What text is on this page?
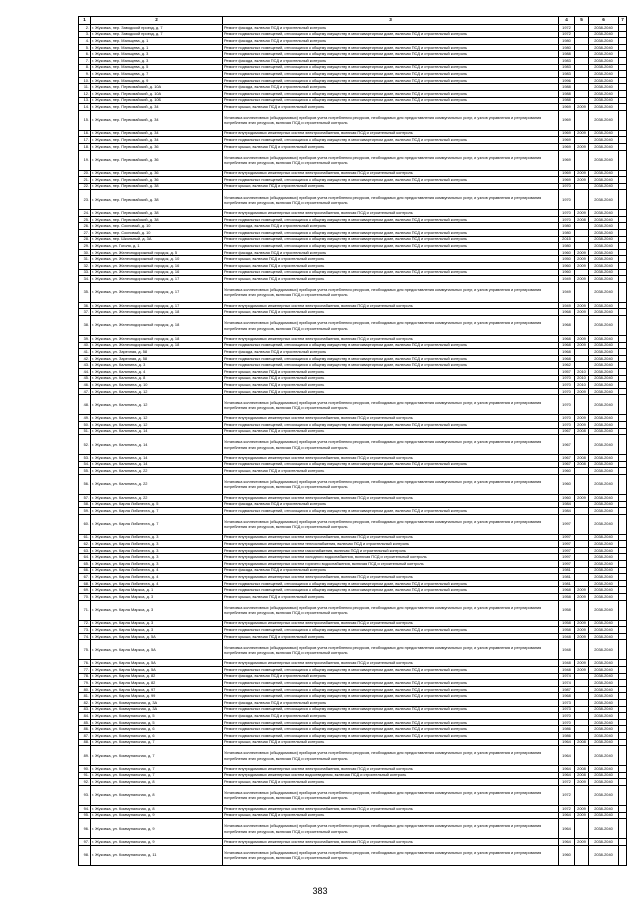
1	2	3	4	5	6	7
2.	г. Жуковка, пер. Заводской проезд, д. 7	Ремонт фасада, включая ПСД и строительный контроль	1972		2038-2040	
3.	г. Жуковка, пер. Заводской проезд, д. 7	Ремонт подвальных помещений, относящихся к общему имуществу в многоквартирном доме, включая ПСД и строительный контроль	1972		2038-2040	
4.	г. Жуковка, пер. Мальцева, д. 1	Ремонт фасада, включая ПСД и строительный контроль	1980		2038-2040	
5.	г. Жуковка, пер. Мальцева, д. 1	Ремонт подвальных помещений, относящихся к общему имуществу в многоквартирном доме, включая ПСД и строительный контроль	1980		2038-2040	
6.	г. Жуковка, пер. Мальцева, д. 3	Ремонт подвальных помещений, относящихся к общему имуществу в многоквартирном доме, включая ПСД и строительный контроль	1988		2038-2040	
7.	г. Жуковка, пер. Мальцева, д. 3	Ремонт фасада, включая ПСД и строительный контроль	1983		2038-2040	
8.	г. Жуковка, пер. Мальцева, д. 5	Ремонт подвальных помещений, относящихся к общему имуществу в многоквартирном доме, включая ПСД и строительный контроль	1983		2038-2040	
9.	г. Жуковка, пер. Мальцева, д. 7	Ремонт подвальных помещений, относящихся к общему имуществу в многоквартирном доме, включая ПСД и строительный контроль	1983		2038-2040	
10.	г. Жуковка, пер. Мальцева, д. 9	Ремонт подвальных помещений, относящихся к общему имуществу в многоквартирном доме, включая ПСД и строительный контроль	1996		2038-2040	
11.	г. Жуковка, пер. Первомайский, д. 10А	Ремонт фасада, включая ПСД и строительный контроль	1988		2038-2040	
12.	г. Жуковка, пер. Первомайский, д. 10А	Ремонт подвальных помещений, относящихся к общему имуществу в многоквартирном доме, включая ПСД и строительный контроль	1988		2038-2040	
13.	г. Жуковка, пер. Первомайский, д. 10Б	Ремонт подвальных помещений, относящихся к общему имуществу в многоквартирном доме, включая ПСД и строительный контроль	1988		2038-2040	
14.	г. Жуковка, пер. Первомайский, д. 34	Ремонт крыши, включая ПСД и строительный контроль	1969	2009	2038-2040	
15.	г. Жуковка, пер. Первомайский, д. 34	Установка коллективных (общедомовых) приборов учета потребления ресурсов, необходимых для предоставления коммунальных услуг, и узлов управления и регулирования потребления этих ресурсов, включая ПСД и строительный контроль	1969		2038-2040	
16.	г. Жуковка, пер. Первомайский, д. 34	Ремонт внутридомовых инженерных систем электроснабжения, включая ПСД и строительный контроль	1969	2009	2038-2040	
17.	г. Жуковка, пер. Первомайский, д. 34	Ремонт подвальных помещений, относящихся к общему имуществу в многоквартирном доме, включая ПСД и строительный контроль	1969		2038-2040	
18.	г. Жуковка, пер. Первомайский, д. 36	Ремонт крыши, включая ПСД и строительный контроль	1969	2009	2038-2040	
19.	г. Жуковка, пер. Первомайский, д. 36	Установка коллективных (общедомовых) приборов учета потребления ресурсов, необходимых для предоставления коммунальных услуг, и узлов управления и регулирования потребления этих ресурсов, включая ПСД и строительный контроль	1969		2038-2040	
20.	г. Жуковка, пер. Первомайский, д. 36	Ремонт внутридомовых инженерных систем электроснабжения, включая ПСД и строительный контроль	1969	2009	2038-2040	
21.	г. Жуковка, пер. Первомайский, д. 36	Ремонт подвальных помещений, относящихся к общему имуществу в многоквартирном доме, включая ПСД и строительный контроль	1969	2009	2038-2040	
22.	г. Жуковка, пер. Первомайский, д. 38	Ремонт крыши, включая ПСД и строительный контроль	1970		2038-2040	
23.	г. Жуковка, пер. Первомайский, д. 38	Установка коллективных (общедомовых) приборов учета потребления ресурсов, необходимых для предоставления коммунальных услуг, и узлов управления и регулирования потребления этих ресурсов, включая ПСД и строительный контроль	1970		2038-2040	
24.	г. Жуковка, пер. Первомайский, д. 38	Ремонт внутридомовых инженерных систем электроснабжения, включая ПСД и строительный контроль	1970	2009	2038-2040	
25.	г. Жуковка, пер. Первомайский, д. 38	Ремонт подвальных помещений, относящихся к общему имуществу в многоквартирном доме, включая ПСД и строительный контроль	1970	2008	2038-2040	
26.	г. Жуковка, пер. Сосновый, д. 10	Ремонт фасада, включая ПСД и строительный контроль	1980		2038-2040	
27.	г. Жуковка, пер. Сосновый, д. 10	Ремонт подвальных помещений, относящихся к общему имуществу в многоквартирном доме, включая ПСД и строительный контроль	1980		2038-2040	
28.	г. Жуковка, пер. Школьный, д. 3А	Ремонт подвальных помещений, относящихся к общему имуществу в многоквартирном доме, включая ПСД и строительный контроль	2015		2038-2040	
29.	г. Жуковка, ул. Гоголя, д. 1	Ремонт подвальных помещений, относящихся к общему имуществу в многоквартирном доме, включая ПСД и строительный контроль	1980		2038-2040	
30.	г. Жуковка, ул. Железнодорожный городок, д. 5	Ремонт фасада, включая ПСД и строительный контроль	1960	2009	2038-2040	
31.	г. Жуковка, ул. Железнодорожный городок, д. 10	Ремонт крыши, включая ПСД и строительный контроль	1950	2009	2038-2040	
32.	г. Жуковка, ул. Железнодорожный городок, д. 16	Ремонт крыши, включая ПСД и строительный контроль	1960	2009	2038-2040	
33.	г. Жуковка, ул. Железнодорожный городок, д. 16	Ремонт подвальных помещений, относящихся к общему имуществу в многоквартирном доме, включая ПСД и строительный контроль	1960		2038-2040	
34.	г. Жуковка, ул. Железнодорожный городок, д. 17	Ремонт крыши, включая ПСД и строительный контроль	1949	2009	2038-2040	
35.	г. Жуковка, ул. Железнодорожный городок, д. 17	Установка коллективных (общедомовых) приборов учета потребления ресурсов, необходимых для предоставления коммунальных услуг, и узлов управления и регулирования потребления этих ресурсов, включая ПСД и строительный контроль	1949		2038-2040	
36.	г. Жуковка, ул. Железнодорожный городок, д. 17	Ремонт внутридомовых инженерных систем электроснабжения, включая ПСД и строительный контроль	1949	2009	2038-2040	
37.	г. Жуковка, ул. Железнодорожный городок, д. 18	Ремонт крыши, включая ПСД и строительный контроль	1968	2009	2038-2040	
38.	г. Жуковка, ул. Железнодорожный городок, д. 18	Установка коллективных (общедомовых) приборов учета потребления ресурсов, необходимых для предоставления коммунальных услуг, и узлов управления и регулирования потребления этих ресурсов, включая ПСД и строительный контроль	1968		2038-2040	
39.	г. Жуковка, ул. Железнодорожный городок, д. 18	Ремонт внутридомовых инженерных систем электроснабжения, включая ПСД и строительный контроль	1968	2009	2038-2040	
40.	г. Жуковка, ул. Железнодорожный городок, д. 18	Ремонт подвальных помещений, относящихся к общему имуществу в многоквартирном доме, включая ПСД и строительный контроль	1968	2009	2038-2040	
41.	г. Жуковка, ул. Заречная, д. 58	Ремонт фасада, включая ПСД и строительный контроль	1968		2038-2040	
42.	г. Жуковка, ул. Заречная, д. 58	Ремонт подвальных помещений, относящихся к общему имуществу в многоквартирном доме, включая ПСД и строительный контроль	1968		2038-2040	
43.	г. Жуковка, ул. Калинина, д. 3	Ремонт подвальных помещений, относящихся к общему имуществу в многоквартирном доме, включая ПСД и строительный контроль	1962		2038-2040	
44.	г. Жуковка, ул. Калинина, д. 4	Ремонт крыши, включая ПСД и строительный контроль	1957	2010	2038-2040	
45.	г. Жуковка, ул. Калинина, д. 8	Ремонт крыши, включая ПСД и строительный контроль	1970	2010	2038-2040	
46.	г. Жуковка, ул. Калинина, д. 10	Ремонт крыши, включая ПСД и строительный контроль	1970	2010	2038-2040	
47.	г. Жуковка, ул. Калинина, д. 12	Ремонт крыши, включая ПСД и строительный контроль	1970	2009	2038-2040	
48.	г. Жуковка, ул. Калинина, д. 12	Установка коллективных (общедомовых) приборов учета потребления ресурсов, необходимых для предоставления коммунальных услуг, и узлов управления и регулирования потребления этих ресурсов, включая ПСД и строительный контроль	1970		2038-2040	
49.	г. Жуковка, ул. Калинина, д. 12	Ремонт внутридомовых инженерных систем электроснабжения, включая ПСД и строительный контроль	1970	2009	2038-2040	
50.	г. Жуковка, ул. Калинина, д. 12	Ремонт подвальных помещений, относящихся к общему имуществу в многоквартирном доме, включая ПСД и строительный контроль	1970	2009	2038-2040	
51.	г. Жуковка, ул. Калинина, д. 14	Ремонт крыши, включая ПСД и строительный контроль	1967	2008	2038-2040	
52.	г. Жуковка, ул. Калинина, д. 14	Установка коллективных (общедомовых) приборов учета потребления ресурсов, необходимых для предоставления коммунальных услуг, и узлов управления и регулирования потребления этих ресурсов, включая ПСД и строительный контроль	1967		2038-2040	
53.	г. Жуковка, ул. Калинина, д. 14	Ремонт внутридомовых инженерных систем электроснабжения, включая ПСД и строительный контроль	1967	2008	2038-2040	
54.	г. Жуковка, ул. Калинина, д. 14	Ремонт подвальных помещений, относящихся к общему имуществу в многоквартирном доме, включая ПСД и строительный контроль	1967	2008	2038-2040	
55.	г. Жуковка, ул. Калинина, д. 22	Ремонт крыши, включая ПСД и строительный контроль	1960		2038-2040	
56.	г. Жуковка, ул. Калинина, д. 22	Установка коллективных (общедомовых) приборов учета потребления ресурсов, необходимых для предоставления коммунальных услуг, и узлов управления и регулирования потребления этих ресурсов, включая ПСД и строительный контроль	1960		2038-2040	
57.	г. Жуковка, ул. Калинина, д. 22	Ремонт внутридомовых инженерных систем электроснабжения, включая ПСД и строительный контроль	1960	2009	2038-2040	
58.	г. Жуковка, ул. Карла Либкнехта, д. 5	Ремонт фасада, включая ПСД и строительный контроль	1984		2038-2040	
59.	г. Жуковка, ул. Карла Либкнехта, д. 7	Ремонт подвальных помещений, относящихся к общему имуществу в многоквартирном доме, включая ПСД и строительный контроль	1984		2038-2040	
60.	г. Жуковка, ул. Карла Либкнехта, д. 7	Установка коллективных (общедомовых) приборов учета потребления ресурсов, необходимых для предоставления коммунальных услуг, и узлов управления и регулирования потребления этих ресурсов, включая ПСД и строительный контроль	1997		2038-2040	
61.	г. Жуковка, ул. Карла Либкнехта, д. 3	Ремонт внутридомовых инженерных систем электроснабжения, включая ПСД и строительный контроль	1997		2038-2040	
62.	г. Жуковка, ул. Карла Либкнехта, д. 3	Ремонт внутридомовых инженерных систем теплоснабжения, включая ПСД и строительный контроль	1997		2038-2040	
63.	г. Жуковка, ул. Карла Либкнехта, д. 3	Ремонт внутридомовых инженерных систем газоснабжения, включая ПСД и строительный контроль	1997		2038-2040	
64.	г. Жуковка, ул. Карла Либкнехта, д. 3	Ремонт внутридомовых инженерных систем холодного водоснабжения, включая ПСД и строительный контроль	1997		2038-2040	
65.	г. Жуковка, ул. Карла Либкнехта, д. 3	Ремонт внутридомовых инженерных систем горячего водоснабжения, включая ПСД и строительный контроль	1997		2038-2040	
66.	г. Жуковка, ул. Карла Либкнехта, д. 4	Ремонт фасада, включая ПСД и строительный контроль	1981		2038-2040	
67.	г. Жуковка, ул. Карла Либкнехта, д. 4	Ремонт внутридомовых инженерных систем электроснабжения, включая ПСД и строительный контроль	1981		2038-2040	
68.	г. Жуковка, ул. Карла Либкнехта, д. 4	Ремонт подвальных помещений, относящихся к общему имуществу в многоквартирном доме, включая ПСД и строительный контроль	1981		2038-2040	
69.	г. Жуковка, ул. Карла Маркса, д. 1	Ремонт подвальных помещений, относящихся к общему имуществу в многоквартирном доме, включая ПСД и строительный контроль	1968	2009	2038-2040	
70.	г. Жуковка, ул. Карла Маркса, д. 3	Ремонт крыши, включая ПСД и строительный контроль	1958	2009	2038-2040	
71.	г. Жуковка, ул. Карла Маркса, д. 3	Установка коллективных (общедомовых) приборов учета потребления ресурсов, необходимых для предоставления коммунальных услуг, и узлов управления и регулирования потребления этих ресурсов, включая ПСД и строительный контроль	1958		2038-2040	
72.	г. Жуковка, ул. Карла Маркса, д. 3	Ремонт внутридомовых инженерных систем электроснабжения, включая ПСД и строительный контроль	1958	2009	2038-2040	
73.	г. Жуковка, ул. Карла Маркса, д. 3	Ремонт подвальных помещений, относящихся к общему имуществу в многоквартирном доме, включая ПСД и строительный контроль	1958	2009	2038-2040	
74.	г. Жуковка, ул. Карла Маркса, д. 5А	Ремонт крыши, включая ПСД и строительный контроль	1948	2009	2038-2040	
75.	г. Жуковка, ул. Карла Маркса, д. 5А	Установка коллективных (общедомовых) приборов учета потребления ресурсов, необходимых для предоставления коммунальных услуг, и узлов управления и регулирования потребления этих ресурсов, включая ПСД и строительный контроль	1948		2038-2040	
76.	г. Жуковка, ул. Карла Маркса, д. 5А	Ремонт внутридомовых инженерных систем электроснабжения, включая ПСД и строительный контроль	1948	2009	2038-2040	
77.	г. Жуковка, ул. Карла Маркса, д. 5А	Ремонт подвальных помещений, относящихся к общему имуществу в многоквартирном доме, включая ПСД и строительный контроль	1948	2009	2038-2040	
78.	г. Жуковка, ул. Карла Маркса, д. 82	Ремонт фасада, включая ПСД и строительный контроль	1974		2038-2040	
79.	г. Жуковка, ул. Карла Маркса, д. 82	Ремонт подвальных помещений, относящихся к общему имуществу в многоквартирном доме, включая ПСД и строительный контроль	1974		2038-2040	
80.	г. Жуковка, ул. Карла Маркса, д. 97	Ремонт подвальных помещений, относящихся к общему имуществу в многоквартирном доме, включая ПСД и строительный контроль	1987		2038-2040	
81.	г. Жуковка, ул. Карла Маркса, д. 99	Ремонт подвальных помещений, относящихся к общему имуществу в многоквартирном доме, включая ПСД и строительный контроль	1968		2038-2040	
82.	г. Жуковка, ул. Коммунальная, д. 3А	Ремонт фасада, включая ПСД и строительный контроль	1973		2038-2040	
83.	г. Жуковка, ул. Коммунальная, д. 3А	Ремонт подвальных помещений, относящихся к общему имуществу в многоквартирном доме, включая ПСД и строительный контроль	1973		2038-2040	
84.	г. Жуковка, ул. Коммунальная, д. 5	Ремонт фасада, включая ПСД и строительный контроль	1970		2038-2040	
85.	г. Жуковка, ул. Коммунальная, д. 5	Ремонт подвальных помещений, относящихся к общему имуществу в многоквартирном доме, включая ПСД и строительный контроль	1970		2038-2040	
86.	г. Жуковка, ул. Коммунальная, д. 6	Ремонт подвальных помещений, относящихся к общему имуществу в многоквартирном доме, включая ПСД и строительный контроль	1986		2038-2040	
87.	г. Жуковка, ул. Коммунальная, д. 6	Ремонт подвальных помещений, относящихся к общему имуществу в многоквартирном доме, включая ПСД и строительный контроль	1986		2038-2040	
88.	г. Жуковка, ул. Коммунальная, д. 7	Ремонт крыши, включая ПСД и строительный контроль	1964	2008	2038-2040	
89.	г. Жуковка, ул. Коммунальная, д. 7	Установка коллективных (общедомовых) приборов учета потребления ресурсов, необходимых для предоставления коммунальных услуг, и узлов управления и регулирования потребления этих ресурсов, включая ПСД и строительный контроль	1964		2038-2040	
90.	г. Жуковка, ул. Коммунальная, д. 7	Ремонт внутридомовых инженерных систем электроснабжения, включая ПСД и строительный контроль	1964	2008	2038-2040	
91.	г. Жуковка, ул. Коммунальная, д. 7	Ремонт внутридомовых инженерных систем водоотведения, включая ПСД и строительный контроль	1964	2008	2038-2040	
92.	г. Жуковка, ул. Коммунальная, д. 8	Ремонт крыши, включая ПСД и строительный контроль	1972	2009	2038-2040	
93.	г. Жуковка, ул. Коммунальная, д. 8	Установка коллективных (общедомовых) приборов учета потребления ресурсов, необходимых для предоставления коммунальных услуг, и узлов управления и регулирования потребления этих ресурсов, включая ПСД и строительный контроль	1972		2038-2040	
94.	г. Жуковка, ул. Коммунальная, д. 8	Ремонт внутридомовых инженерных систем электроснабжения, включая ПСД и строительный контроль	1972	2009	2038-2040	
95.	г. Жуковка, ул. Коммунальная, д. 9	Ремонт крыши, включая ПСД и строительный контроль	1964	2009	2038-2040	
96.	г. Жуковка, ул. Коммунальная, д. 9	Установка коллективных (общедомовых) приборов учета потребления ресурсов, необходимых для предоставления коммунальных услуг, и узлов управления и регулирования потребления этих ресурсов, включая ПСД и строительный контроль	1964		2038-2040	
97.	г. Жуковка, ул. Коммунальная, д. 9	Ремонт внутридомовых инженерных систем электроснабжения, включая ПСД и строительный контроль	1964	2009	2038-2040	
98.	г. Жуковка, ул. Коммунальная, д. 11	Установка коллективных (общедомовых) приборов учета потребления ресурсов, необходимых для предоставления коммунальных услуг, и узлов управления и регулирования потребления этих ресурсов, включая ПСД и строительный контроль	1960		2038-2040	
383
